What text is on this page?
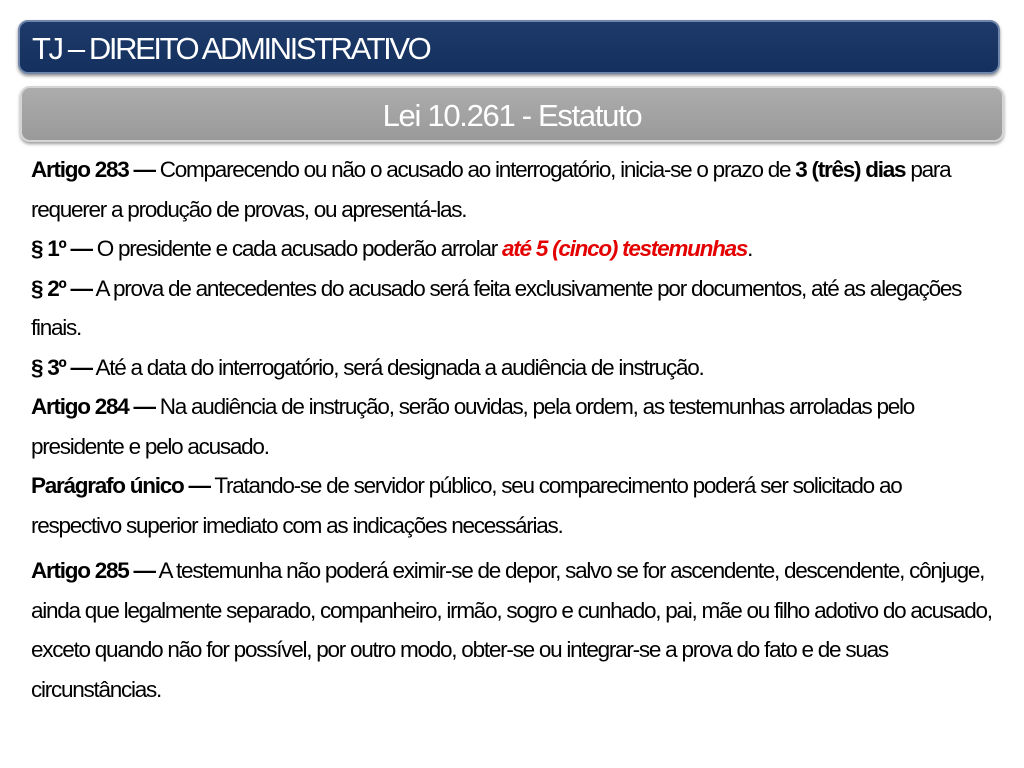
TJ – DIREITO ADMINISTRATIVO
Lei 10.261 - Estatuto

Artigo 283 — Comparecendo ou não o acusado ao interrogatório, inicia-se o prazo de 3 (três) dias para requerer a produção de provas, ou apresentá-las.

§ 1º — O presidente e cada acusado poderão arrolar até 5 (cinco) testemunhas.

§ 2º — A prova de antecedentes do acusado será feita exclusivamente por documentos, até as alegações finais.

§ 3º — Até a data do interrogatório, será designada a audiência de instrução.

Artigo 284 — Na audiência de instrução, serão ouvidas, pela ordem, as testemunhas arroladas pelo presidente e pelo acusado.

Parágrafo único — Tratando-se de servidor público, seu comparecimento poderá ser solicitado ao respectivo superior imediato com as indicações necessárias.

Artigo 285 — A testemunha não poderá eximir-se de depor, salvo se for ascendente, descendente, cônjuge, ainda que legalmente separado, companheiro, irmão, sogro e cunhado, pai, mãe ou filho adotivo do acusado, exceto quando não for possível, por outro modo, obter-se ou integrar-se a prova do fato e de suas circunstâncias.
